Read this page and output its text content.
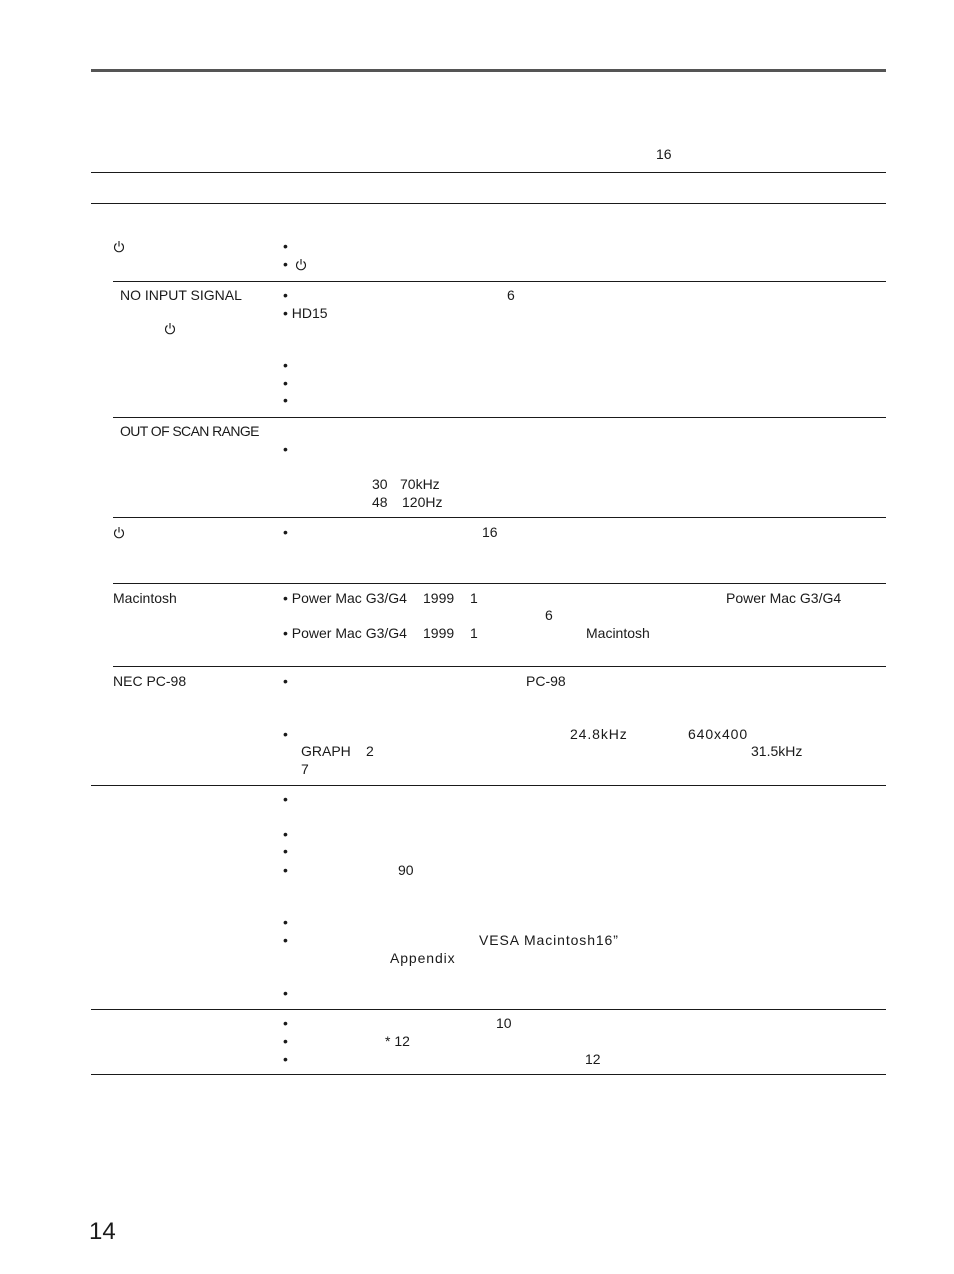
16
•
•
NO INPUT SIGNAL	•	6
• HD15
•
•
•
OUT OF SCAN RANGE
•
30 70kHz
48 120Hz
•	16
Macintosh	• Power Mac G3/G4 1999 1	Power Mac G3/G4
6
• Power Mac G3/G4 1999 1	Macintosh
NEC PC-98	•	PC-98
•	24.8kHz	640x400
GRAPH 2	31.5kHz
7
•
•
•
•	90
•
•	VESA Macintosh16”
Appendix
•
•	10
•	* 12
•	12
14
